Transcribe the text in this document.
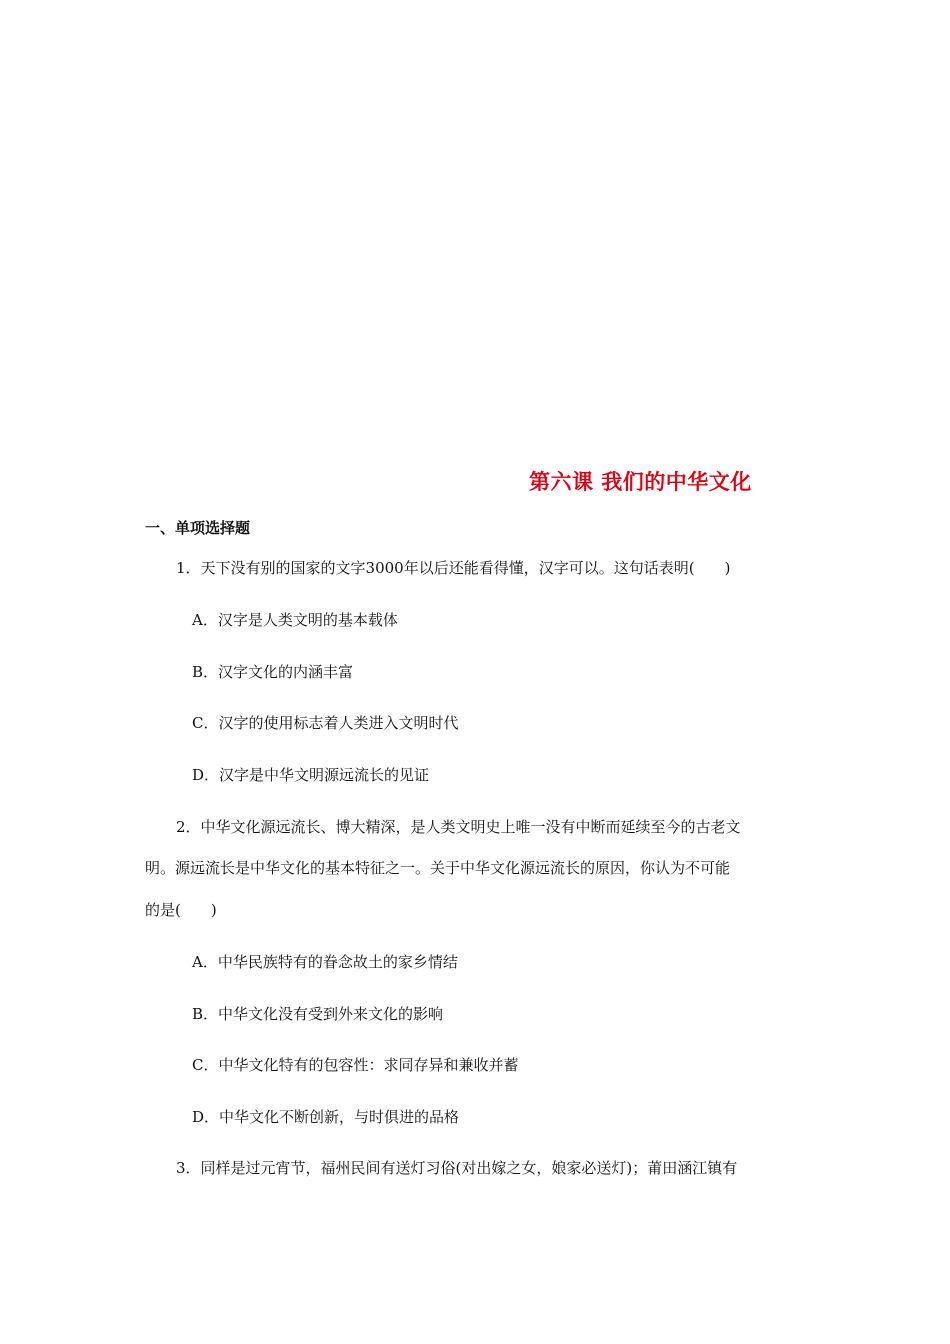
第六课 我们的中华文化
一、单项选择题
1．天下没有别的国家的文字3000年以后还能看得懂，汉字可以。这句话表明(　　)
A．汉字是人类文明的基本载体
B．汉字文化的内涵丰富
C．汉字的使用标志着人类进入文明时代
D．汉字是中华文明源远流长的见证
2．中华文化源远流长、博大精深，是人类文明史上唯一没有中断而延续至今的古老文
明。源远流长是中华文化的基本特征之一。关于中华文化源远流长的原因，你认为不可能
的是(　　)
A．中华民族特有的眷念故土的家乡情结
B．中华文化没有受到外来文化的影响
C．中华文化特有的包容性：求同存异和兼收并蓄
D．中华文化不断创新，与时俱进的品格
3．同样是过元宵节，福州民间有送灯习俗(对出嫁之女，娘家必送灯)；莆田涵江镇有
